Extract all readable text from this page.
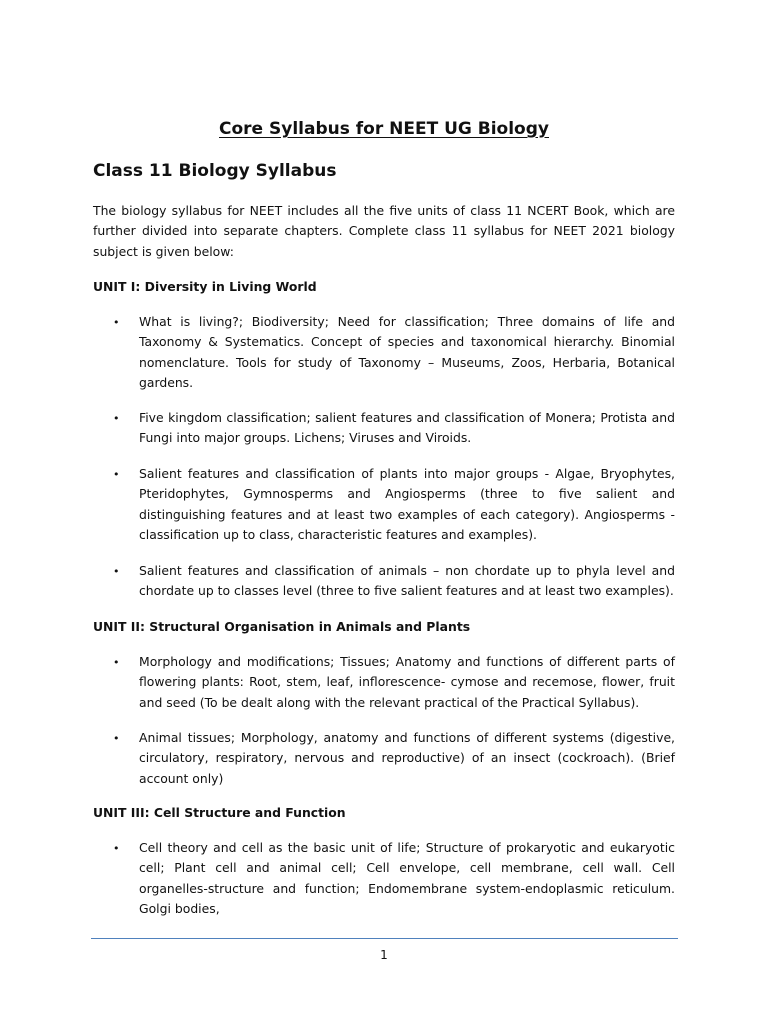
Core Syllabus for NEET UG Biology
Class 11 Biology Syllabus

The biology syllabus for NEET includes all the five units of class 11 NCERT Book, which are further divided into separate chapters. Complete class 11 syllabus for NEET 2021 biology subject is given below:

UNIT I: Diversity in Living World
•	What is living?; Biodiversity; Need for classification; Three domains of life and Taxonomy & Systematics. Concept of species and taxonomical hierarchy. Binomial nomenclature. Tools for study of Taxonomy – Museums, Zoos, Herbaria, Botanical gardens.
•	Five kingdom classification; salient features and classification of Monera; Protista and Fungi into major groups. Lichens; Viruses and Viroids.
•	Salient features and classification of plants into major groups - Algae, Bryophytes, Pteridophytes, Gymnosperms and Angiosperms (three to five salient and distinguishing features and at least two examples of each category). Angiosperms - classification up to class, characteristic features and examples).
•	Salient features and classification of animals – non chordate up to phyla level and chordate up to classes level (three to five salient features and at least two examples).
UNIT II: Structural Organisation in Animals and Plants
•	Morphology and modifications; Tissues; Anatomy and functions of different parts of flowering plants: Root, stem, leaf, inflorescence- cymose and recemose, flower, fruit and seed (To be dealt along with the relevant practical of the Practical Syllabus).
•	Animal tissues; Morphology, anatomy and functions of different systems (digestive, circulatory, respiratory, nervous and reproductive) of an insect (cockroach). (Brief account only)
UNIT III: Cell Structure and Function
•	Cell theory and cell as the basic unit of life; Structure of prokaryotic and eukaryotic cell; Plant cell and animal cell; Cell envelope, cell membrane, cell wall. Cell organelles-structure and function; Endomembrane system-endoplasmic reticulum. Golgi bodies,
1
